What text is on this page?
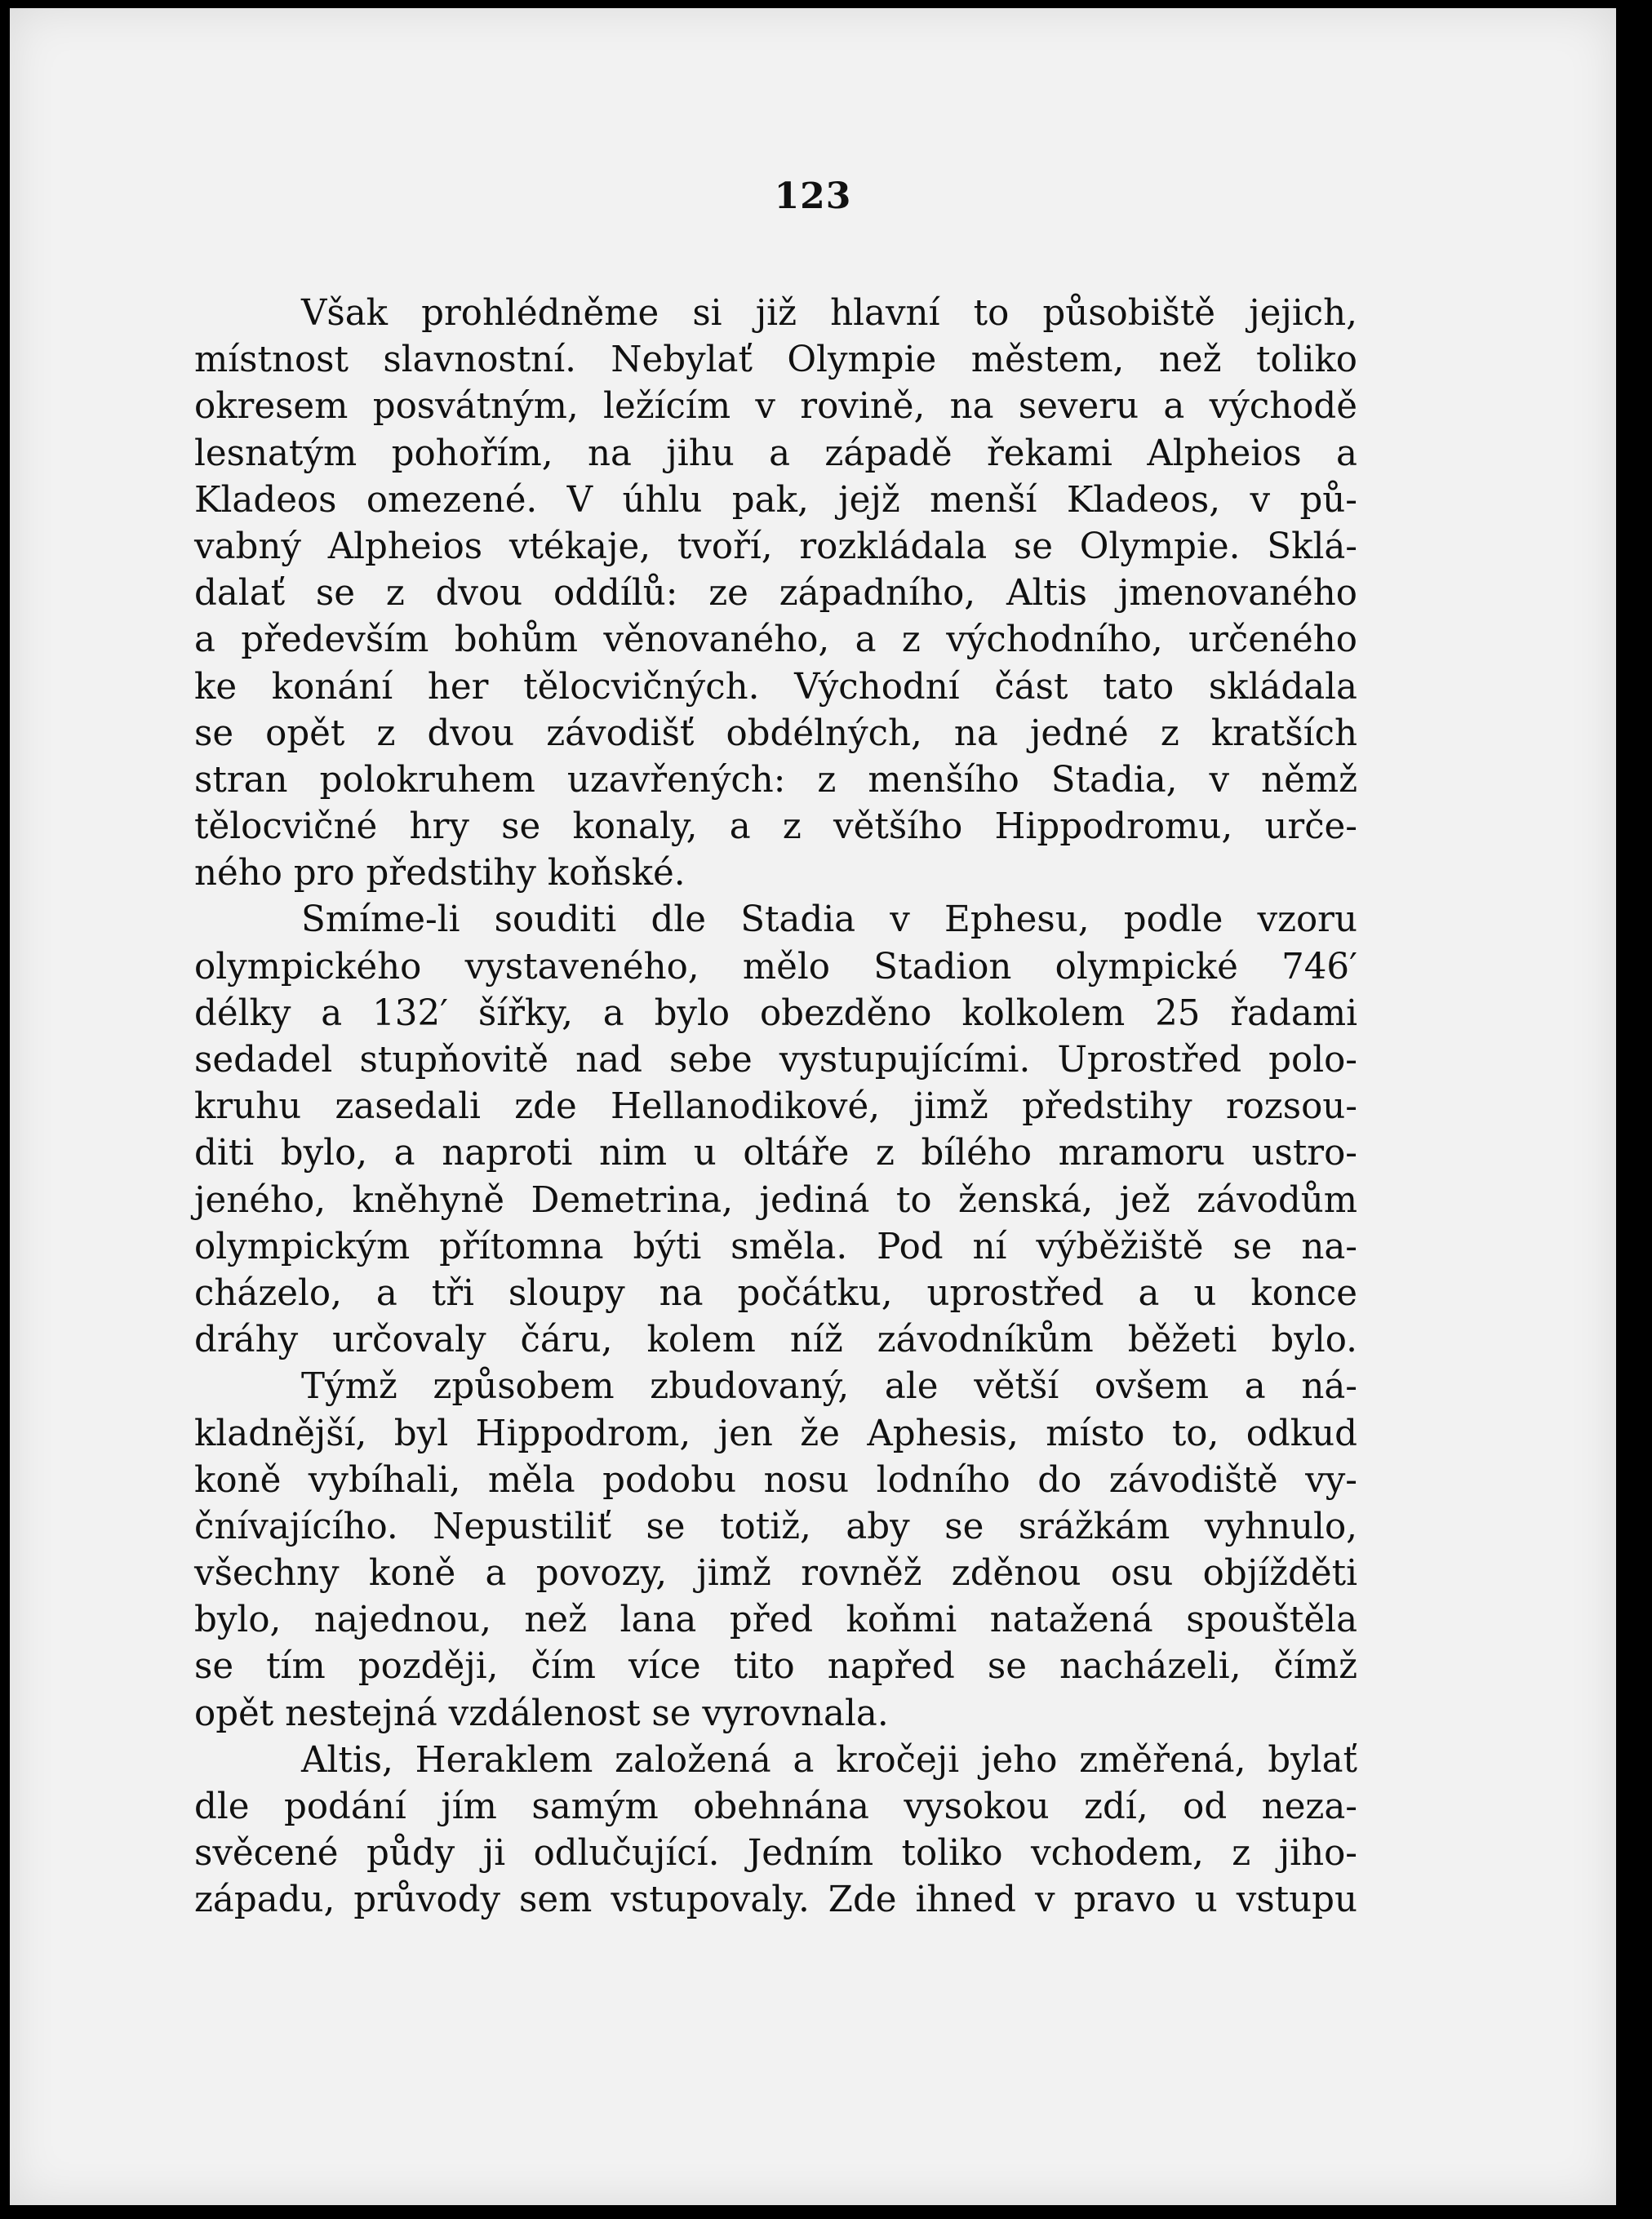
123
Však prohlédněme si již hlavní to působiště jejich,
místnost slavnostní. Nebylať Olympie městem, než toliko
okresem posvátným, ležícím v rovině, na severu a východě
lesnatým pohořím, na jihu a západě řekami Alpheios a
Kladeos omezené. V úhlu pak, jejž menší Kladeos, v pů-
vabný Alpheios vtékaje, tvoří, rozkládala se Olympie. Sklá-
dalať se z dvou oddílů: ze západního, Altis jmenovaného
a především bohům věnovaného, a z východního, určeného
ke konání her tělocvičných. Východní část tato skládala
se opět z dvou závodišť obdélných, na jedné z kratších
stran polokruhem uzavřených: z menšího Stadia, v němž
tělocvičné hry se konaly, a z většího Hippodromu, urče-
ného pro předstihy koňské.
Smíme-li souditi dle Stadia v Ephesu, podle vzoru
olympického vystaveného, mělo Stadion olympické 746′
délky a 132′ šířky, a bylo obezděno kolkolem 25 řadami
sedadel stupňovitě nad sebe vystupujícími. Uprostřed polo-
kruhu zasedali zde Hellanodikové, jimž předstihy rozsou-
diti bylo, a naproti nim u oltáře z bílého mramoru ustro-
jeného, kněhyně Demetrina, jediná to ženská, jež závodům
olympickým přítomna býti směla. Pod ní výběžiště se na-
cházelo, a tři sloupy na počátku, uprostřed a u konce
dráhy určovaly čáru, kolem níž závodníkům běžeti bylo.
Týmž způsobem zbudovaný, ale větší ovšem a ná-
kladnější, byl Hippodrom, jen že Aphesis, místo to, odkud
koně vybíhali, měla podobu nosu lodního do závodiště vy-
čnívajícího. Nepustiliť se totiž, aby se srážkám vyhnulo,
všechny koně a povozy, jimž rovněž zděnou osu objížděti
bylo, najednou, než lana před koňmi natažená spouštěla
se tím později, čím více tito napřed se nacházeli, čímž
opět nestejná vzdálenost se vyrovnala.
Altis, Heraklem založená a kročeji jeho změřená, bylať
dle podání jím samým obehnána vysokou zdí, od neza-
svěcené půdy ji odlučující. Jedním toliko vchodem, z jiho-
západu, průvody sem vstupovaly. Zde ihned v pravo u vstupu
